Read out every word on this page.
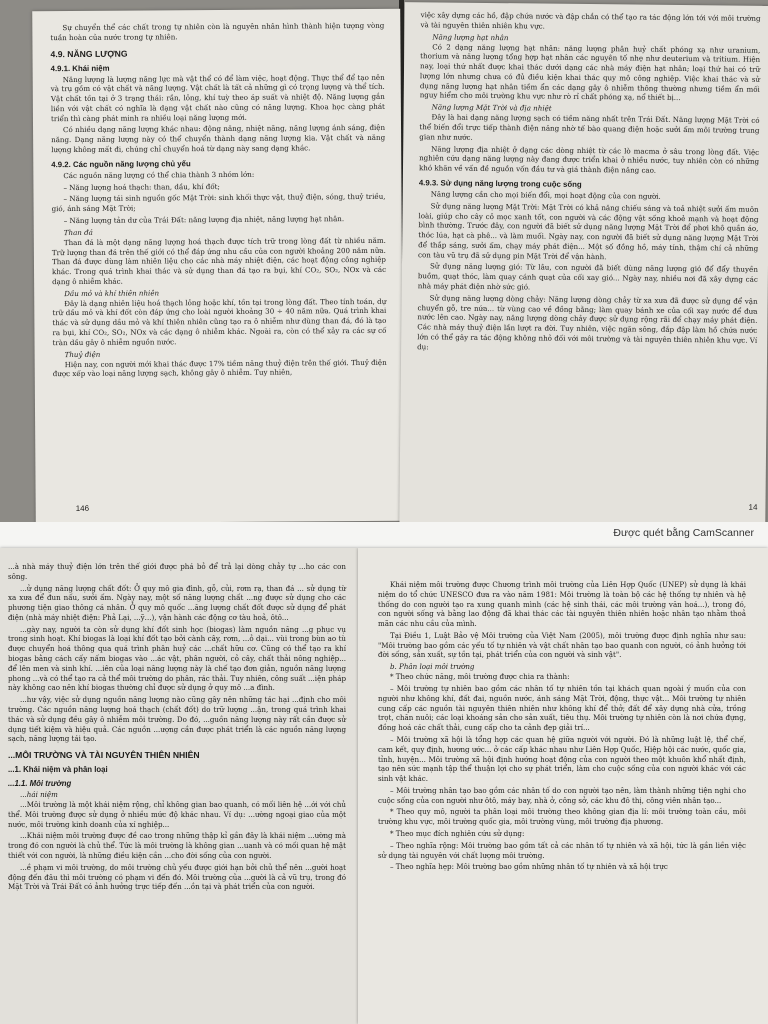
Sự chuyển thể các chất trong tự nhiên còn là nguyên nhân hình thành hiện tượng vòng tuần hoàn của nước trong tự nhiên.

4.9. NĂNG LƯỢNG
4.9.1. Khái niệm

Năng lượng là lượng năng lực mà vật thể có để làm việc, hoạt động. Thực thể để tạo nên và trụ gồm có vật chất và năng lượng. Vật chất là tất cả những gì có trọng lượng và thể tích. Vật chất tồn tại ở 3 trạng thái: rắn, lỏng, khí tuỳ theo áp suất và nhiệt độ. Năng lượng gắn liền với vật chất có nghĩa là dạng vật chất nào cũng có năng lượng. Khoa học càng phát triển thì càng phát minh ra nhiều loại năng lượng mới.

Có nhiều dạng năng lượng khác nhau: động năng, nhiệt năng, năng lượng ánh sáng, điện năng. Dạng năng lượng này có thể chuyển thành dạng năng lượng kia. Vật chất và năng lượng không mất đi, chúng chỉ chuyển hoá từ dạng này sang dạng khác.

4.9.2. Các nguồn năng lượng chủ yếu

Các nguồn năng lượng có thể chia thành 3 nhóm lớn:

– Năng lượng hoá thạch: than, dầu, khí đốt;

– Năng lượng tái sinh nguồn gốc Mặt Trời: sinh khối thực vật, thuỷ điện, sóng, thuỷ triều, gió, ánh sáng Mặt Trời;

– Năng lượng tản dư của Trái Đất: năng lượng địa nhiệt, năng lượng hạt nhân.

Than đá

Than đá là một dạng năng lượng hoá thạch được tích trữ trong lòng đất từ nhiều năm. Trữ lượng than đá trên thế giới có thể đáp ứng nhu cầu của con người khoảng 200 năm nữa. Than đá được dùng làm nhiên liệu cho các nhà máy nhiệt điện, các hoạt động công nghiệp khác. Trong quá trình khai thác và sử dụng than đá tạo ra bụi, khí CO₂, SO₂, NOx và các dạng ô nhiễm khác.

Dầu mỏ và khí thiên nhiên

Đây là dạng nhiên liệu hoá thạch lỏng hoặc khí, tồn tại trong lòng đất. Theo tính toán, dự trữ dầu mỏ và khí đốt còn đáp ứng cho loài người khoảng 30 ÷ 40 năm nữa. Quá trình khai thác và sử dụng dầu mỏ và khí thiên nhiên cũng tạo ra ô nhiễm như dùng than đá, đó là tạo ra bụi, khí CO₂, SO₂, NOx và các dạng ô nhiễm khác. Ngoài ra, còn có thể xảy ra các sự cố tràn dầu gây ô nhiễm nguồn nước.

Thuỷ điện

Hiện nay, con người mới khai thác được 17% tiềm năng thuỷ điện trên thế giới. Thuỷ điện được xếp vào loại năng lượng sạch, không gây ô nhiễm. Tuy nhiên,

146

việc xây dựng các hồ, đập chứa nước và đập chắn có thể tạo ra tác động lớn tới với môi trường và tài nguyên thiên nhiên khu vực.

Năng lượng hạt nhân

Có 2 dạng năng lượng hạt nhân: năng lượng phân huỷ chất phóng xạ như uranium, thorium và năng lượng tổng hợp hạt nhân các nguyên tố nhẹ như deuterium và tritium. Hiện nay, loại thứ nhất được khai thác dưới dạng các nhà máy điện hạt nhân; loại thứ hai có trữ lượng lớn nhưng chưa có đủ điều kiện khai thác quy mô công nghiệp. Việc khai thác và sử dụng năng lượng hạt nhân tiềm ẩn các dạng gây ô nhiễm thông thường nhưng tiềm ẩn mối nguy hiểm cho môi trường khu vực như rò rỉ chất phóng xạ, nổ thiết bị...

Năng lượng Mặt Trời và địa nhiệt

Đây là hai dạng năng lượng sạch có tiềm năng nhất trên Trái Đất. Năng lượng Mặt Trời có thể biến đổi trực tiếp thành điện năng nhờ tế bào quang điện hoặc sưởi ấm môi trường trung gian như nước.

Năng lượng địa nhiệt ở dạng các dòng nhiệt từ các lò macma ở sâu trong lòng đất. Việc nghiên cứu dạng năng lượng này đang được triển khai ở nhiều nước, tuy nhiên còn có những khó khăn về vấn đề nguồn vốn đầu tư và giá thành điện năng cao.

4.9.3. Sử dụng năng lượng trong cuộc sống

Năng lượng cần cho mọi biến đổi, mọi hoạt động của con người.

Sử dụng năng lượng Mặt Trời: Mặt Trời có khả năng chiếu sáng và toả nhiệt sưởi ấm muôn loài, giúp cho cây cỏ mọc xanh tốt, con người và các động vật sống khoẻ mạnh và hoạt động bình thường. Trước đây, con người đã biết sử dụng năng lượng Mặt Trời để phơi khô quần áo, thóc lúa, hạt cà phê... và làm muối. Ngày nay, con người đã biết sử dụng năng lượng Mặt Trời để thắp sáng, sưởi ấm, chạy máy phát điện... Một số đồng hồ, máy tính, thậm chí cả những con tàu vũ trụ đã sử dụng pin Mặt Trời để vận hành.

Sử dụng năng lượng gió: Từ lâu, con người đã biết dùng năng lượng gió để đẩy thuyền buồm, quạt thóc, làm quay cánh quạt của cối xay gió... Ngày nay, nhiều nơi đã xây dựng các nhà máy phát điện nhờ sức gió.

Sử dụng năng lượng dòng chảy: Năng lượng dòng chảy từ xa xưa đã được sử dụng để vận chuyển gỗ, tre nứa... từ vùng cao về đồng bằng; làm quay bánh xe của cối xay nước để đưa nước lên cao. Ngày nay, năng lượng dòng chảy được sử dụng rộng rãi để chạy máy phát điện. Các nhà máy thuỷ điện lần lượt ra đời. Tuy nhiên, việc ngăn sông, đắp đập làm hồ chứa nước lớn có thể gây ra tác động không nhỏ đối với môi trường và tài nguyên thiên nhiên khu vực. Ví dụ:

14
Được quét bằng CamScanner

...à nhà máy thuỷ điện lớn trên thế giới được phá bỏ để trả lại dòng chảy tự ...ho các con sông.

...ử dụng năng lượng chất đốt: Ở quy mô gia đình, gỗ, củi, rơm rạ, than đá ... sử dụng từ xa xưa để đun nấu, sưởi ấm. Ngày nay, một số năng lượng chất ...ng được sử dụng cho các phương tiện giao thông cá nhân. Ở quy mô quốc ...ăng lượng chất đốt được sử dụng để phát điện (nhà máy nhiệt điện: Phả Lại, ...ỹ...), vận hành các động cơ tàu hoả, ôtô...

...gày nay, người ta còn sử dụng khí đốt sinh học (biogas) làm nguồn năng ...g phục vụ trong sinh hoạt. Khí biogas là loại khí đốt tạo bởi cành cây, rơm, ...ỏ dại... vùi trong bùn ao tù được chuyển hoá thông qua quá trình phân huỷ các ...chất hữu cơ. Cũng có thể tạo ra khí biogas bằng cách cấy nấm biogas vào ...ác vật, phân người, cỏ cây, chất thải nông nghiệp... để lên men và sinh khí. ...iên của loại năng lượng này là chế tạo đơn giản, nguồn năng lượng phong ...và có thể tạo ra cả thể môi trường do phân, rác thải. Tuy nhiên, công suất ...iện pháp này không cao nên khí biogas thường chỉ được sử dụng ở quy mô ...a đình.

...hư vậy, việc sử dụng nguồn năng lượng nào cũng gây nên những tác hại ...định cho môi trường. Các nguồn năng lượng hoá thạch (chất đốt) do trữ lượng ...ận, trong quá trình khai thác và sử dụng đều gây ô nhiễm môi trường. Do đó, ...guồn năng lượng này rất cần được sử dụng tiết kiệm và hiệu quả. Các nguồn ...ượng cần được phát triển là các nguồn năng lượng sạch, năng lượng tái tạo.

...MÔI TRƯỜNG VÀ TÀI NGUYÊN THIÊN NHIÊN
...1. Khái niệm và phân loại
...1.1. Môi trường
...hái niệm

...Môi trường là một khái niệm rộng, chỉ không gian bao quanh, có mối liên hệ ...ới với chủ thể. Môi trường được sử dụng ở nhiều mức độ khác nhau. Ví dụ: ...ường ngoại giao của một nước, môi trường kinh doanh của xí nghiệp...

...Khái niệm môi trường được đề cao trong những thập kỉ gần đây là khái niệm ...ường mà trong đó con người là chủ thể. Tức là môi trường là không gian ...uanh và có mối quan hệ mật thiết với con người, là những điều kiện cần ...cho đời sống của con người.

...ề phạm vi môi trường, do môi trường chủ yếu được giới hạn bởi chủ thể nên ...gười hoạt động đến đâu thì môi trường có phạm vi đến đó. Môi trường của ...gười là cả vũ trụ, trong đó Mặt Trời và Trái Đất có ảnh hưởng trực tiếp đến ...ồn tại và phát triển của con người.

Khái niệm môi trường được Chương trình môi trường của Liên Hợp Quốc (UNEP) sử dụng là khái niệm do tổ chức UNESCO đưa ra vào năm 1981: Môi trường là toàn bộ các hệ thống tự nhiên và hệ thống do con người tạo ra xung quanh mình (các hệ sinh thái, các môi trường văn hoá...), trong đó, con người sống và bằng lao động đã khai thác các tài nguyên thiên nhiên hoặc nhân tạo nhằm thoả mãn các nhu cầu của mình.

Tại Điều 1, Luật Bảo vệ Môi trường của Việt Nam (2005), môi trường được định nghĩa như sau: "Môi trường bao gồm các yếu tố tự nhiên và vật chất nhân tạo bao quanh con người, có ảnh hưởng tới đời sống, sản xuất, sự tồn tại, phát triển của con người và sinh vật".

b. Phân loại môi trường

* Theo chức năng, môi trường được chia ra thành:

– Môi trường tự nhiên bao gồm các nhân tố tự nhiên tồn tại khách quan ngoài ý muốn của con người như không khí, đất đai, nguồn nước, ánh sáng Mặt Trời, động, thực vật... Môi trường tự nhiên cung cấp các nguồn tài nguyên thiên nhiên như không khí để thở; đất để xây dựng nhà cửa, trồng trọt, chăn nuôi; các loại khoáng sản cho sản xuất, tiêu thụ. Môi trường tự nhiên còn là nơi chứa đựng, đồng hoá các chất thải, cung cấp cho ta cảnh đẹp giải trí...

– Môi trường xã hội là tổng hợp các quan hệ giữa người với người. Đó là những luật lệ, thể chế, cam kết, quy định, hương ước... ở các cấp khác nhau như Liên Hợp Quốc, Hiệp hội các nước, quốc gia, tỉnh, huyện... Môi trường xã hội định hướng hoạt động của con người theo một khuôn khổ nhất định, tạo nên sức mạnh tập thể thuận lợi cho sự phát triển, làm cho cuộc sống của con người khác với các sinh vật khác.

– Môi trường nhân tạo bao gồm các nhân tố do con người tạo nên, làm thành những tiện nghi cho cuộc sống của con người như ôtô, máy bay, nhà ở, công sở, các khu đô thị, công viên nhân tạo...

* Theo quy mô, người ta phân loại môi trường theo không gian địa lí: môi trường toàn cầu, môi trường khu vực, môi trường quốc gia, môi trường vùng, môi trường địa phương.

* Theo mục đích nghiên cứu sử dụng:

– Theo nghĩa rộng: Môi trường bao gồm tất cả các nhân tố tự nhiên và xã hội, tức là gần liền việc sử dụng tài nguyên với chất lượng môi trường.

– Theo nghĩa hẹp: Môi trường bao gồm những nhân tố tự nhiên và xã hội trực
